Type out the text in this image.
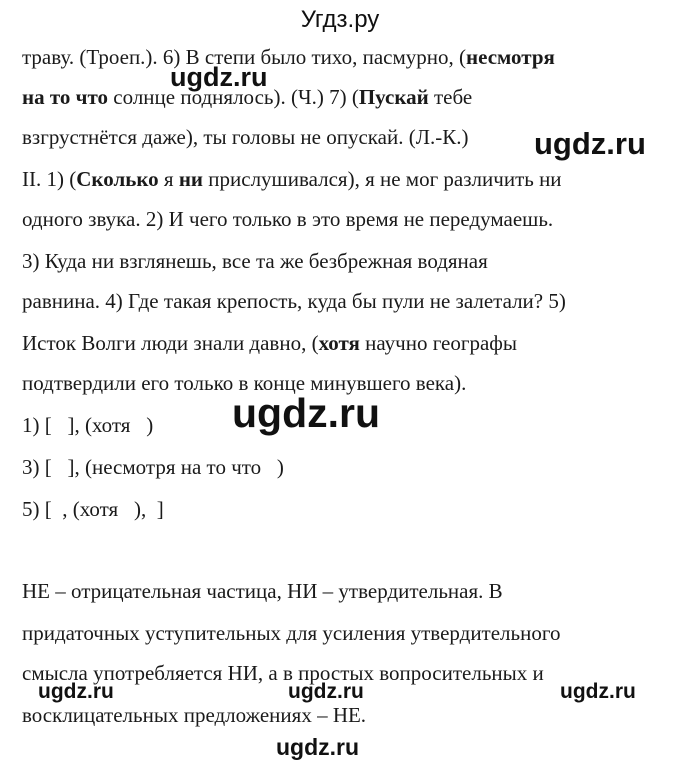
Угдз.ру
траву. (Троеп.). 6) В степи было тихо, пасмурно, (несмотря
на то что солнце поднялось). (Ч.) 7) (Пускай тебе
взгрустнётся даже), ты головы не опускай. (Л.-К.)
II. 1) (Сколько я ни прислушивался), я не мог различить ни
одного звука. 2) И чего только в это время не передумаешь.
3) Куда ни взглянешь, все та же безбрежная водяная
равнина. 4) Где такая крепость, куда бы пули не залетали? 5)
Исток Волги люди знали давно, (хотя научно географы
подтвердили его только в конце минувшего века).
1) [   ], (хотя   )
3) [   ], (несмотря на то что   )
5) [  , (хотя   ),  ]
НЕ – отрицательная частица, НИ – утвердительная. В
придаточных уступительных для усиления утвердительного
смысла употребляется НИ, а в простых вопросительных и
восклицательных предложениях – НЕ.
ugdz.ru
ugdz.ru
ugdz.ru
ugdz.ru	ugdz.ru	ugdz.ru
ugdz.ru
